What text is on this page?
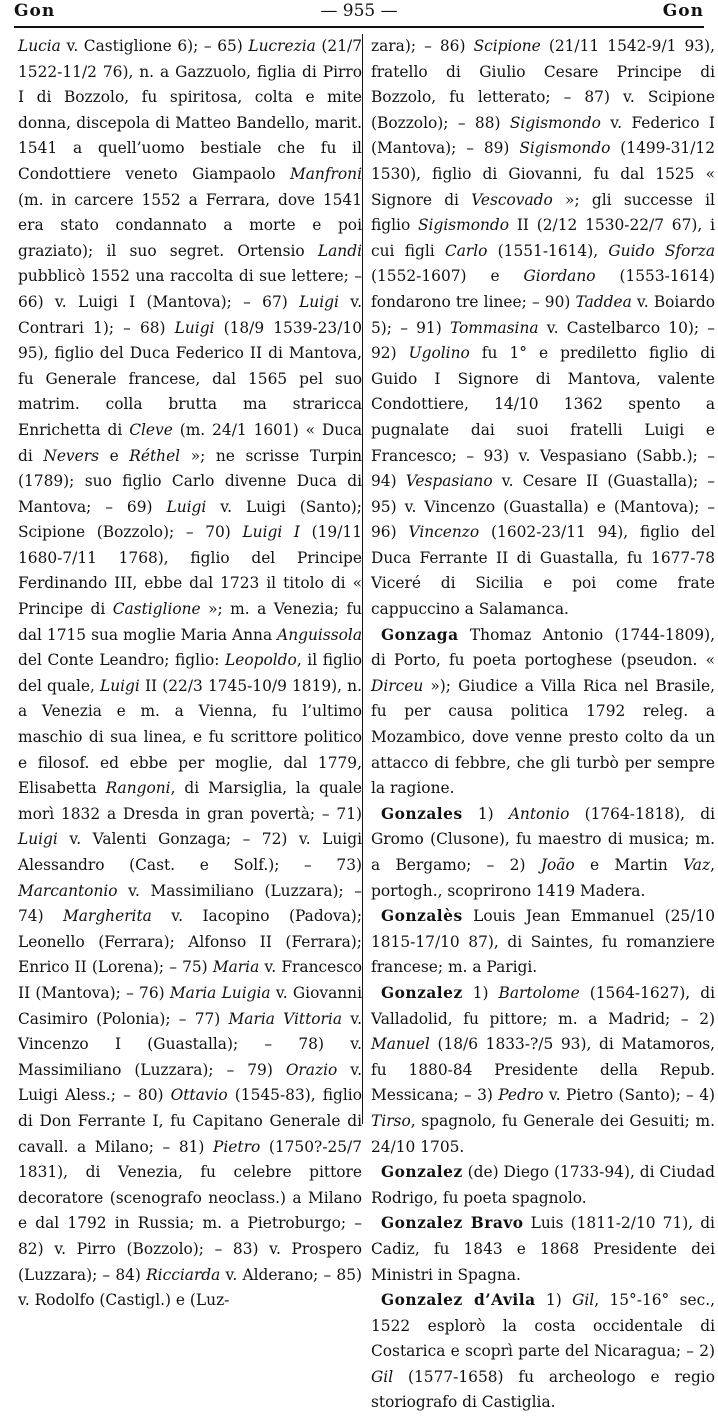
Gon	— 955 —	Gon

Lucia v. Castiglione 6); – 65) Lucrezia (21/7 1522-11/2 76), n. a Gazzuolo, figlia di Pirro I di Bozzolo, fu spiritosa, colta e mite donna, discepola di Matteo Bandello, marit. 1541 a quell’uomo bestiale che fu il Condottiere veneto Giampaolo Manfroni (m. in carcere 1552 a Ferrara, dove 1541 era stato condannato a morte e poi graziato); il suo segret. Ortensio Landi pubblicò 1552 una raccolta di sue lettere; – 66) v. Luigi I (Mantova); – 67) Luigi v. Contrari 1); – 68) Luigi (18/9 1539-23/10 95), figlio del Duca Federico II di Mantova, fu Generale francese, dal 1565 pel suo matrim. colla brutta ma straricca Enrichetta di Cleve (m. 24/1 1601) « Duca di Nevers e Réthel »; ne scrisse Turpin (1789); suo figlio Carlo divenne Duca di Mantova; – 69) Luigi v. Luigi (Santo); Scipione (Bozzolo); – 70) Luigi I (19/11 1680-7/11 1768), figlio del Principe Ferdinando III, ebbe dal 1723 il titolo di « Principe di Castiglione »; m. a Venezia; fu dal 1715 sua moglie Maria Anna Anguissola del Conte Leandro; figlio: Leopoldo, il figlio del quale, Luigi II (22/3 1745-10/9 1819), n. a Venezia e m. a Vienna, fu l’ultimo maschio di sua linea, e fu scrittore politico e filosof. ed ebbe per moglie, dal 1779, Elisabetta Rangoni, di Marsiglia, la quale morì 1832 a Dresda in gran povertà; – 71) Luigi v. Valenti Gonzaga; – 72) v. Luigi Alessandro (Cast. e Solf.); – 73) Marcantonio v. Massimiliano (Luzzara); – 74) Margherita v. Iacopino (Padova); Leonello (Ferrara); Alfonso II (Ferrara); Enrico II (Lorena); – 75) Maria v. Francesco II (Mantova); – 76) Maria Luigia v. Giovanni Casimiro (Polonia); – 77) Maria Vittoria v. Vincenzo I (Guastalla); – 78) v. Massimiliano (Luzzara); – 79) Orazio v. Luigi Aless.; – 80) Ottavio (1545-83), figlio di Don Ferrante I, fu Capitano Generale di cavall. a Milano; – 81) Pietro (1750?-25/7 1831), di Venezia, fu celebre pittore decoratore (scenografo neoclass.) a Milano e dal 1792 in Russia; m. a Pietroburgo; – 82) v. Pirro (Bozzolo); – 83) v. Prospero (Luzzara); – 84) Ricciarda v. Alderano; – 85) v. Rodolfo (Castigl.) e (Luz-

zara); – 86) Scipione (21/11 1542-9/1 93), fratello di Giulio Cesare Principe di Bozzolo, fu letterato; – 87) v. Scipione (Bozzolo); – 88) Sigismondo v. Federico I (Mantova); – 89) Sigismondo (1499-31/12 1530), figlio di Giovanni, fu dal 1525 « Signore di Vescovado »; gli successe il figlio Sigismondo II (2/12 1530-22/7 67), i cui figli Carlo (1551-1614), Guido Sforza (1552-1607) e Giordano (1553-1614) fondarono tre linee; – 90) Taddea v. Boiardo 5); – 91) Tommasina v. Castelbarco 10); – 92) Ugolino fu 1° e prediletto figlio di Guido I Signore di Mantova, valente Condottiere, 14/10 1362 spento a pugnalate dai suoi fratelli Luigi e Francesco; – 93) v. Vespasiano (Sabb.); – 94) Vespasiano v. Cesare II (Guastalla); – 95) v. Vincenzo (Guastalla) e (Mantova); – 96) Vincenzo (1602-23/11 94), figlio del Duca Ferrante II di Guastalla, fu 1677-78 Viceré di Sicilia e poi come frate cappuccino a Salamanca.

Gonzaga Thomaz Antonio (1744-1809), di Porto, fu poeta portoghese (pseudon. « Dirceu »); Giudice a Villa Rica nel Brasile, fu per causa politica 1792 releg. a Mozambico, dove venne presto colto da un attacco di febbre, che gli turbò per sempre la ragione.

Gonzales 1) Antonio (1764-1818), di Gromo (Clusone), fu maestro di musica; m. a Bergamo; – 2) João e Martin Vaz, portogh., scoprirono 1419 Madera.

Gonzalès Louis Jean Emmanuel (25/10 1815-17/10 87), di Saintes, fu romanziere francese; m. a Parigi.

Gonzalez 1) Bartolome (1564-1627), di Valladolid, fu pittore; m. a Madrid; – 2) Manuel (18/6 1833-?/5 93), di Matamoros, fu 1880-84 Presidente della Repub. Messicana; – 3) Pedro v. Pietro (Santo); – 4) Tirso, spagnolo, fu Generale dei Gesuiti; m. 24/10 1705.

Gonzalez (de) Diego (1733-94), di Ciudad Rodrigo, fu poeta spagnolo.

Gonzalez Bravo Luis (1811-2/10 71), di Cadiz, fu 1843 e 1868 Presidente dei Ministri in Spagna.

Gonzalez d’Avila 1) Gil, 15°-16° sec., 1522 esplorò la costa occidentale di Costarica e scoprì parte del Nicaragua; – 2) Gil (1577-1658) fu archeologo e regio storiografo di Castiglia.
